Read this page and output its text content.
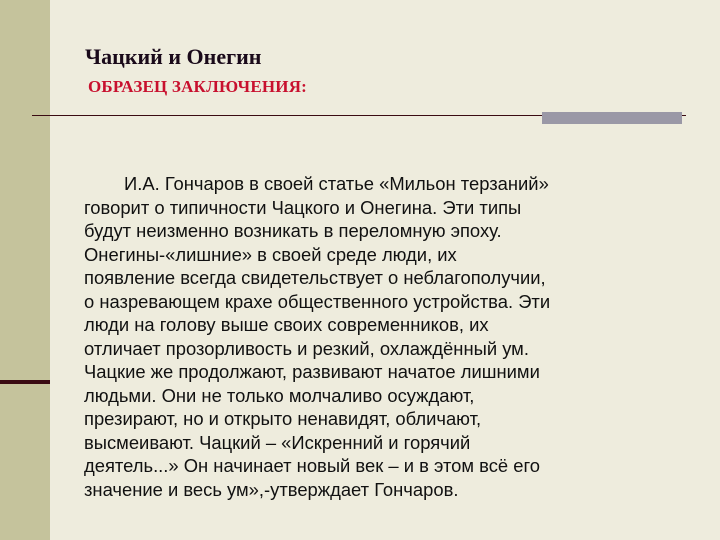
Чацкий и Онегин
ОБРАЗЕЦ ЗАКЛЮЧЕНИЯ:
И.А. Гончаров в своей статье «Мильон терзаний»
говорит о типичности Чацкого и Онегина. Эти типы
будут неизменно возникать в переломную эпоху.
Онегины-«лишние» в своей среде люди, их
появление всегда свидетельствует о неблагополучии,
о назревающем крахе общественного устройства. Эти
люди на голову выше своих современников, их
отличает прозорливость и резкий, охлаждённый ум.
Чацкие же продолжают, развивают начатое лишними
людьми. Они не только молчаливо осуждают,
презирают, но и открыто ненавидят, обличают,
высмеивают. Чацкий – «Искренний и горячий
деятель...» Он начинает новый век – и в этом всё его
значение и весь ум»,-утверждает Гончаров.
